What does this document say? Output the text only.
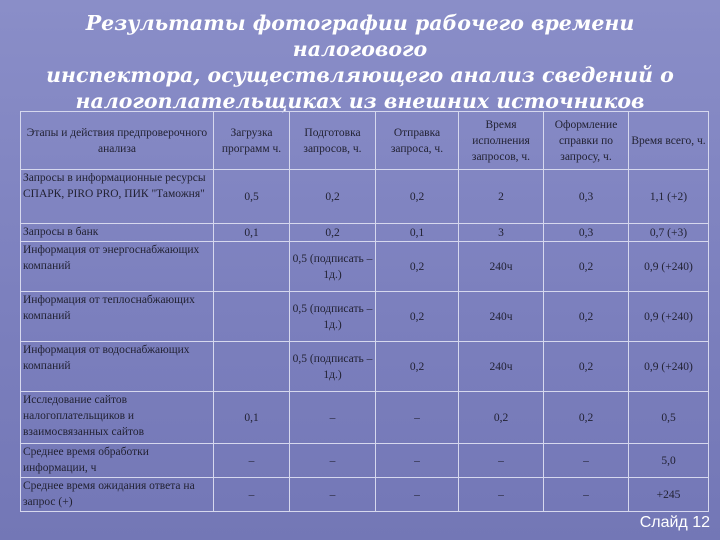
Результаты фотографии рабочего времени налогового
инспектора, осуществляющего анализ сведений о
налогоплательщиках из внешних источников
Этапы и действия предпроверочного анализа	Загрузка программ ч.	Подготовка запросов, ч.	Отправка запроса, ч.	Время исполнения запросов, ч.	Оформление справки по запросу, ч.	Время всего, ч.
Запросы в информационные ресурсы СПАРК, PIRO PRO, ПИК "Таможня"	0,5	0,2	0,2	2	0,3	1,1 (+2)
Запросы в банк	0,1	0,2	0,1	3	0,3	0,7 (+3)
Информация от энергоснабжающих компаний		0,5 (подписать – 1д.)	0,2	240ч	0,2	0,9 (+240)
Информация от теплоснабжающих компаний		0,5 (подписать – 1д.)	0,2	240ч	0,2	0,9 (+240)
Информация от водоснабжающих компаний		0,5 (подписать – 1д.)	0,2	240ч	0,2	0,9 (+240)
Исследование сайтов налогоплательщиков и взаимосвязанных сайтов	0,1	–	–	0,2	0,2	0,5
Среднее время обработки информации, ч	–	–	–	–	–	5,0
Среднее время ожидания ответа на запрос (+)	–	–	–	–	–	+245
Слайд 12
